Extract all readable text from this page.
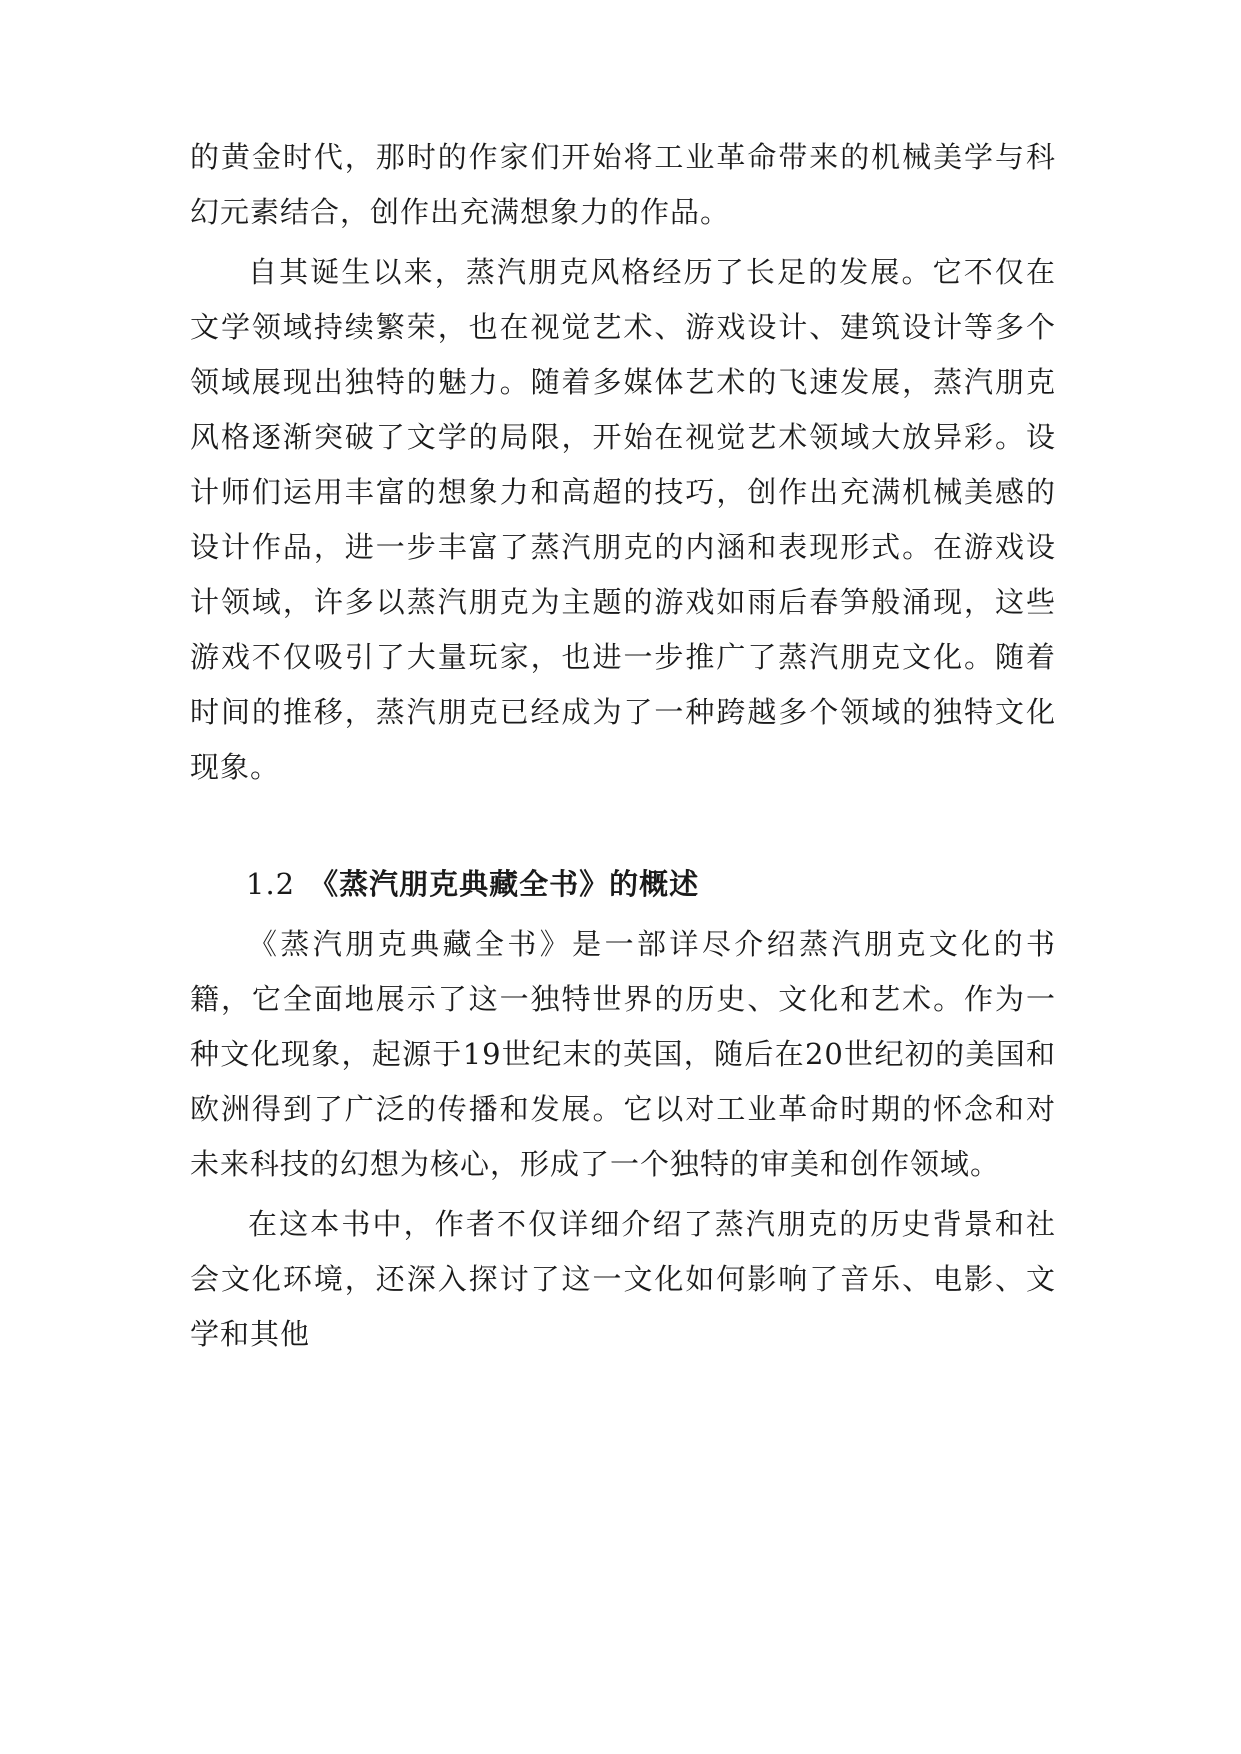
的黄金时代，那时的作家们开始将工业革命带来的机械美学与科幻元素结合，创作出充满想象力的作品。

自其诞生以来，蒸汽朋克风格经历了长足的发展。它不仅在文学领域持续繁荣，也在视觉艺术、游戏设计、建筑设计等多个领域展现出独特的魅力。随着多媒体艺术的飞速发展，蒸汽朋克风格逐渐突破了文学的局限，开始在视觉艺术领域大放异彩。设计师们运用丰富的想象力和高超的技巧，创作出充满机械美感的设计作品，进一步丰富了蒸汽朋克的内涵和表现形式。在游戏设计领域，许多以蒸汽朋克为主题的游戏如雨后春笋般涌现，这些游戏不仅吸引了大量玩家，也进一步推广了蒸汽朋克文化。随着时间的推移，蒸汽朋克已经成为了一种跨越多个领域的独特文化现象。

1.2 《蒸汽朋克典藏全书》的概述

《蒸汽朋克典藏全书》是一部详尽介绍蒸汽朋克文化的书籍，它全面地展示了这一独特世界的历史、文化和艺术。作为一种文化现象，起源于19世纪末的英国，随后在20世纪初的美国和欧洲得到了广泛的传播和发展。它以对工业革命时期的怀念和对未来科技的幻想为核心，形成了一个独特的审美和创作领域。

在这本书中，作者不仅详细介绍了蒸汽朋克的历史背景和社会文化环境，还深入探讨了这一文化如何影响了音乐、电影、文学和其他
